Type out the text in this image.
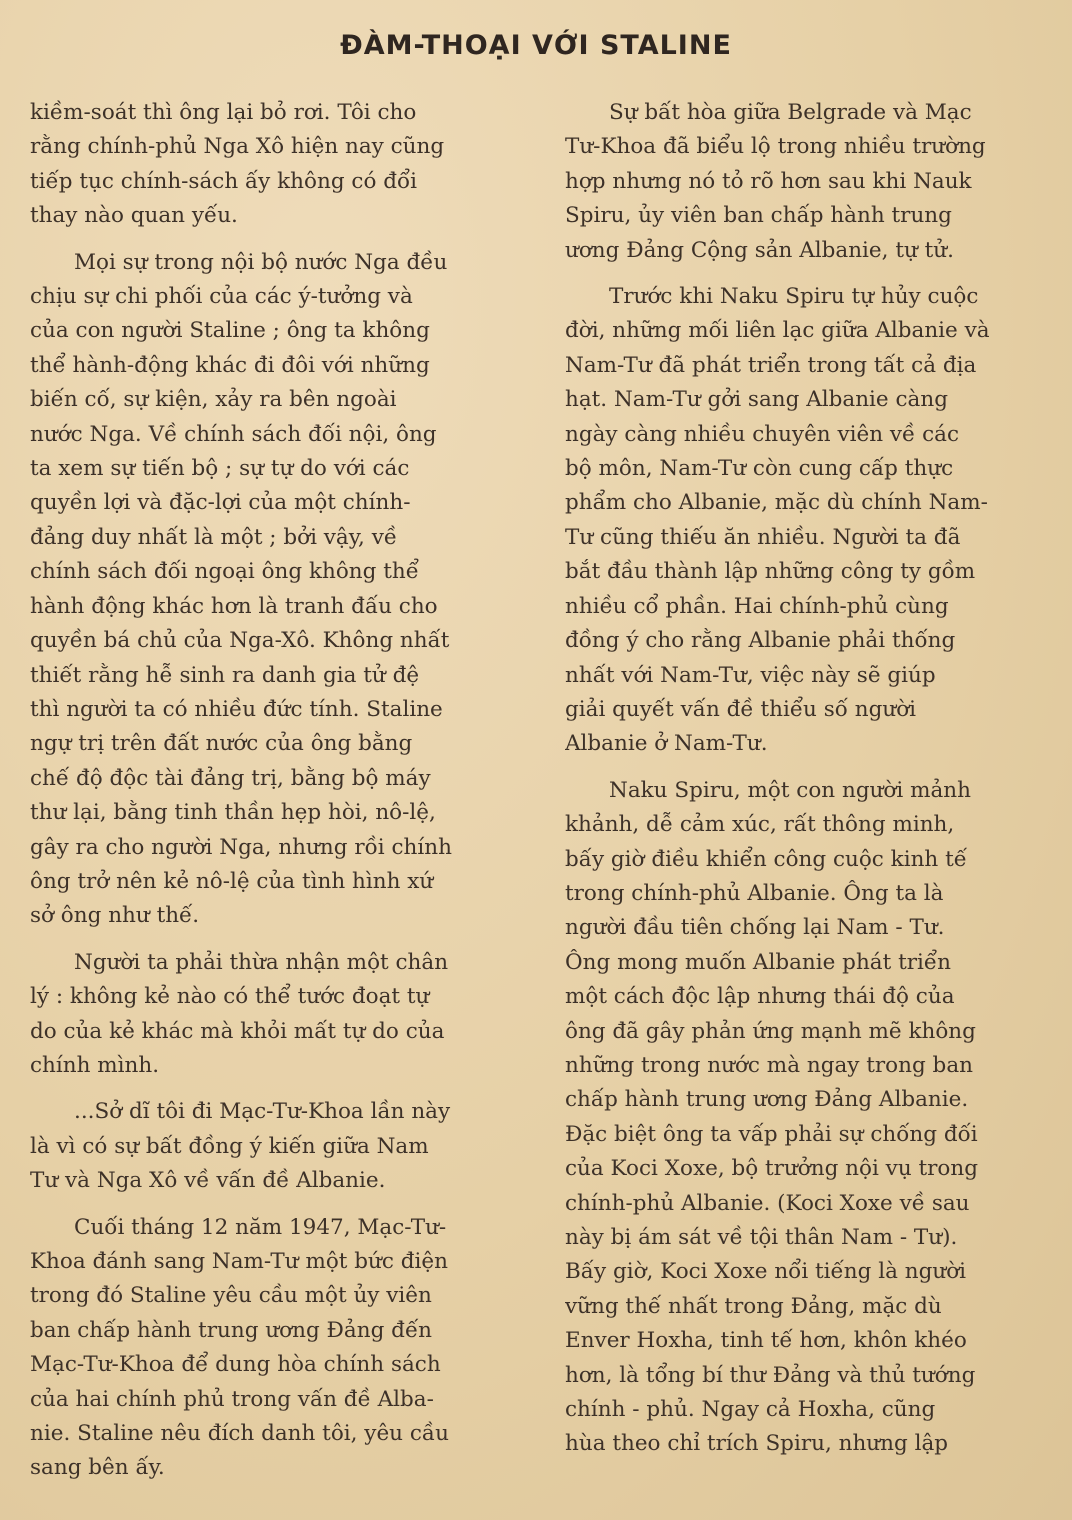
ĐÀM-THOẠI VỚI STALINE
kiềm-soát thì ông lại bỏ rơi. Tôi cho
rằng chính-phủ Nga Xô hiện nay cũng
tiếp tục chính-sách ấy không có đổi
thay nào quan yếu.
Mọi sự trong nội bộ nước Nga đều
chịu sự chi phối của các ý-tưởng và
của con người Staline ; ông ta không
thể hành-động khác đi đôi với những
biến cố, sự kiện, xảy ra bên ngoài
nước Nga. Về chính sách đối nội, ông
ta xem sự tiến bộ ; sự tự do với các
quyền lợi và đặc-lợi của một chính-
đảng duy nhất là một ; bởi vậy, về
chính sách đối ngoại ông không thể
hành động khác hơn là tranh đấu cho
quyền bá chủ của Nga-Xô. Không nhất
thiết rằng hễ sinh ra danh gia tử đệ
thì người ta có nhiều đức tính. Staline
ngự trị trên đất nước của ông bằng
chế độ độc tài đảng trị, bằng bộ máy
thư lại, bằng tinh thần hẹp hòi, nô-lệ,
gây ra cho người Nga, nhưng rồi chính
ông trở nên kẻ nô-lệ của tình hình xứ
sở ông như thế.
Người ta phải thừa nhận một chân
lý : không kẻ nào có thể tước đoạt tự
do của kẻ khác mà khỏi mất tự do của
chính mình.
...Sở dĩ tôi đi Mạc-Tư-Khoa lần này
là vì có sự bất đồng ý kiến giữa Nam
Tư và Nga Xô về vấn đề Albanie.
Cuối tháng 12 năm 1947, Mạc-Tư-
Khoa đánh sang Nam-Tư một bức điện
trong đó Staline yêu cầu một ủy viên
ban chấp hành trung ương Đảng đến
Mạc-Tư-Khoa để dung hòa chính sách
của hai chính phủ trong vấn đề Alba-
nie. Staline nêu đích danh tôi, yêu cầu
sang bên ấy.
Sự bất hòa giữa Belgrade và Mạc
Tư-Khoa đã biểu lộ trong nhiều trường
hợp nhưng nó tỏ rõ hơn sau khi Nauk
Spiru, ủy viên ban chấp hành trung
ương Đảng Cộng sản Albanie, tự tử.
Trước khi Naku Spiru tự hủy cuộc
đời, những mối liên lạc giữa Albanie và
Nam-Tư đã phát triển trong tất cả địa
hạt. Nam-Tư gởi sang Albanie càng
ngày càng nhiều chuyên viên về các
bộ môn, Nam-Tư còn cung cấp thực
phẩm cho Albanie, mặc dù chính Nam-
Tư cũng thiếu ăn nhiều. Người ta đã
bắt đầu thành lập những công ty gồm
nhiều cổ phần. Hai chính-phủ cùng
đồng ý cho rằng Albanie phải thống
nhất với Nam-Tư, việc này sẽ giúp
giải quyết vấn đề thiểu số người
Albanie ở Nam-Tư.
Naku Spiru, một con người mảnh
khảnh, dễ cảm xúc, rất thông minh,
bấy giờ điều khiển công cuộc kinh tế
trong chính-phủ Albanie. Ông ta là
người đầu tiên chống lại Nam - Tư.
Ông mong muốn Albanie phát triển
một cách độc lập nhưng thái độ của
ông đã gây phản ứng mạnh mẽ không
những trong nước mà ngay trong ban
chấp hành trung ương Đảng Albanie.
Đặc biệt ông ta vấp phải sự chống đối
của Koci Xoxe, bộ trưởng nội vụ trong
chính-phủ Albanie. (Koci Xoxe về sau
này bị ám sát về tội thân Nam - Tư).
Bấy giờ, Koci Xoxe nổi tiếng là người
vững thế nhất trong Đảng, mặc dù
Enver Hoxha, tinh tế hơn, khôn khéo
hơn, là tổng bí thư Đảng và thủ tướng
chính - phủ. Ngay cả Hoxha, cũng
hùa theo chỉ trích Spiru, nhưng lập
